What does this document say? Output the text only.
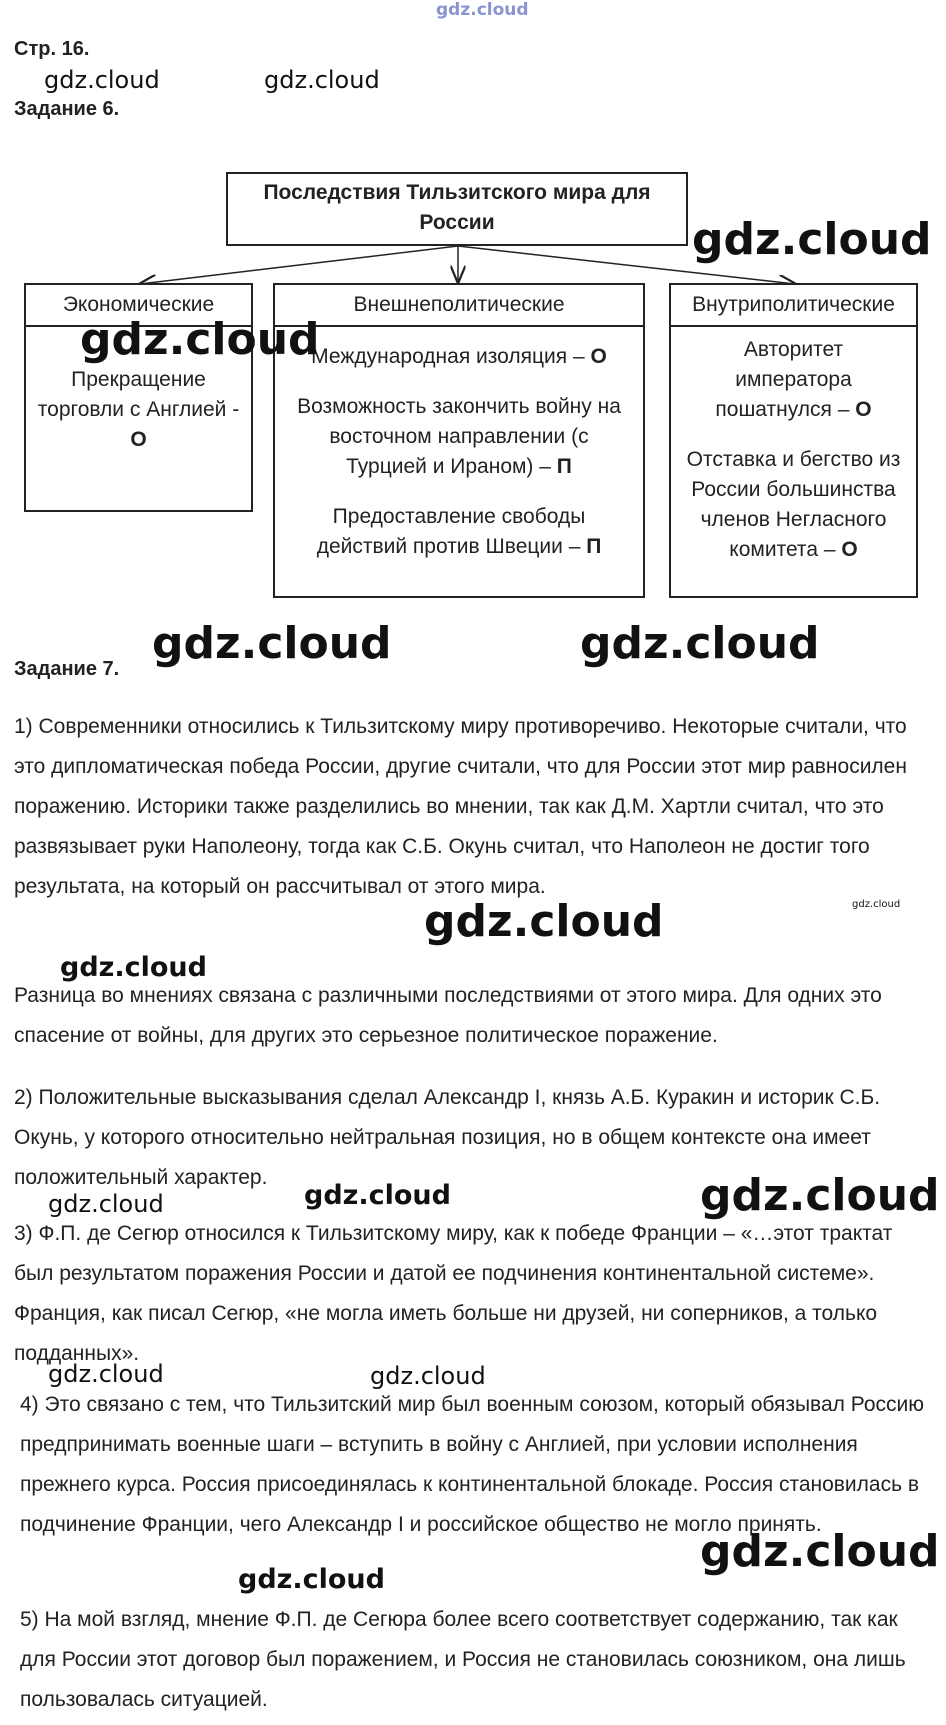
gdz.cloud
Стр. 16.
gdz.cloud	gdz.cloud
Задание 6.
Последствия Тильзитского мира для России
Экономические
Прекращение торговли с Англией - О
Внешнеполитические
Международная изоляция – О
Возможность закончить войну на восточном направлении (с Турцией и Ираном) – П
Предоставление свободы действий против Швеции – П
Внутриполитические
Авторитет императора пошатнулся – О
Отставка и бегство из России большинства членов Негласного комитета – О
gdz.cloud
gdz.cloud
Задание 7. gdz.cloud	gdz.cloud
1) Современники относились к Тильзитскому миру противоречиво. Некоторые считали, что это дипломатическая победа России, другие считали, что для России этот мир равносилен поражению. Историки также разделились во мнении, так как Д.М. Хартли считал, что это развязывает руки Наполеону, тогда как С.Б. Окунь считал, что Наполеон не достиг того результата, на который он рассчитывал от этого мира.
gdz.cloud
gdz.cloud
gdz.cloud
Разница во мнениях связана с различными последствиями от этого мира. Для одних это спасение от войны, для других это серьезное политическое поражение.
2) Положительные высказывания сделал Александр I, князь А.Б. Куракин и историк С.Б. Окунь, у которого относительно нейтральная позиция, но в общем контексте она имеет положительный характер.
gdz.cloud	gdz.cloud	gdz.cloud
3) Ф.П. де Сегюр относился к Тильзитскому миру, как к победе Франции – «…этот трактат был результатом поражения России и датой ее подчинения континентальной системе». Франция, как писал Сегюр, «не могла иметь больше ни друзей, ни соперников, а только подданных».
gdz.cloud	gdz.cloud
4) Это связано с тем, что Тильзитский мир был военным союзом, который обязывал Россию предпринимать военные шаги – вступить в войну с Англией, при условии исполнения прежнего курса. Россия присоединялась к континентальной блокаде. Россия становилась в подчинение Франции, чего Александр I и российское общество не могло принять.
gdz.cloud
gdz.cloud
5) На мой взгляд, мнение Ф.П. де Сегюра более всего соответствует содержанию, так как для России этот договор был поражением, и Россия не становилась союзником, она лишь пользовалась ситуацией.
